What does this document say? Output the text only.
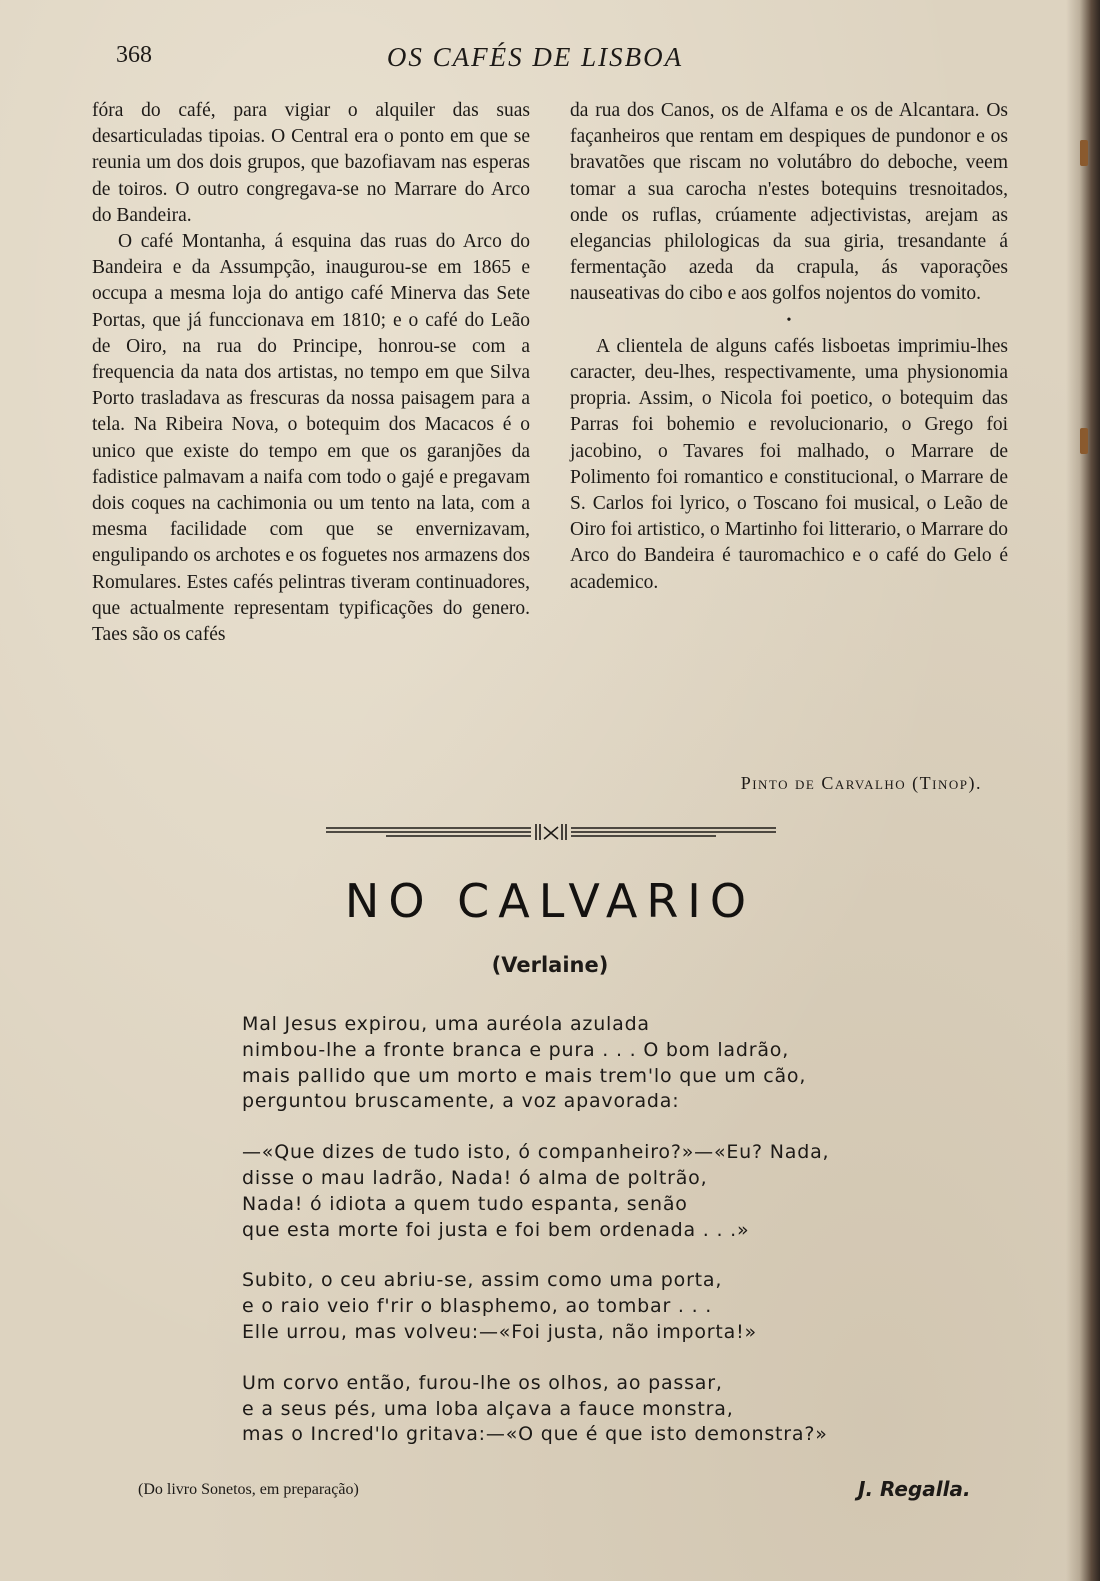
368	OS CAFÉS DE LISBOA

fóra do café, para vigiar o alquiler das suas desarticuladas tipoias. O Central era o ponto em que se reunia um dos dois grupos, que bazofiavam nas esperas de toiros. O outro congregava-se no Marrare do Arco do Bandeira.

O café Montanha, á esquina das ruas do Arco do Bandeira e da Assumpção, inaugurou-se em 1865 e occupa a mesma loja do antigo café Minerva das Sete Portas, que já funccionava em 1810; e o café do Leão de Oiro, na rua do Principe, honrou-se com a frequencia da nata dos artistas, no tempo em que Silva Porto trasladava as frescuras da nossa paisagem para a tela. Na Ribeira Nova, o botequim dos Macacos é o unico que existe do tempo em que os garanjões da fadistice palmavam a naifa com todo o gajé e pregavam dois coques na cachimonia ou um tento na lata, com a mesma facilidade com que se envernizavam, engulipando os archotes e os foguetes nos armazens dos Romulares. Estes cafés pelintras tiveram continuadores, que actualmente representam typificações do genero. Taes são os cafés

da rua dos Canos, os de Alfama e os de Alcantara. Os façanheiros que rentam em despiques de pundonor e os bravatões que riscam no volutábro do deboche, veem tomar a sua carocha n'estes botequins tresnoitados, onde os ruflas, crúamente adjectivistas, arejam as elegancias philologicas da sua giria, tresandante á fermentação azeda da crapula, ás vaporações nauseativas do cibo e aos golfos nojentos do vomito.

•

A clientela de alguns cafés lisboetas imprimiu-lhes caracter, deu-lhes, respectivamente, uma physionomia propria. Assim, o Nicola foi poetico, o botequim das Parras foi bohemio e revolucionario, o Grego foi jacobino, o Tavares foi malhado, o Marrare de Polimento foi romantico e constitucional, o Marrare de S. Carlos foi lyrico, o Toscano foi musical, o Leão de Oiro foi artistico, o Martinho foi litterario, o Marrare do Arco do Bandeira é tauromachico e o café do Gelo é academico.

Pinto de Carvalho (Tinop).
NO CALVARIO
(Verlaine)
Mal Jesus expirou, uma auréola azulada
nimbou-lhe a fronte branca e pura . . . O bom ladrão,
mais pallido que um morto e mais trem'lo que um cão,
perguntou bruscamente, a voz apavorada:
—«Que dizes de tudo isto, ó companheiro?»—«Eu? Nada,
disse o mau ladrão, Nada! ó alma de poltrão,
Nada! ó idiota a quem tudo espanta, senão
que esta morte foi justa e foi bem ordenada . . .»
Subito, o ceu abriu-se, assim como uma porta,
e o raio veio f'rir o blasphemo, ao tombar . . .
Elle urrou, mas volveu:—«Foi justa, não importa!»
Um corvo então, furou-lhe os olhos, ao passar,
e a seus pés, uma loba alçava a fauce monstra,
mas o Incred'lo gritava:—«O que é que isto demonstra?»
(Do livro Sonetos, em preparação)	J. Regalla.
